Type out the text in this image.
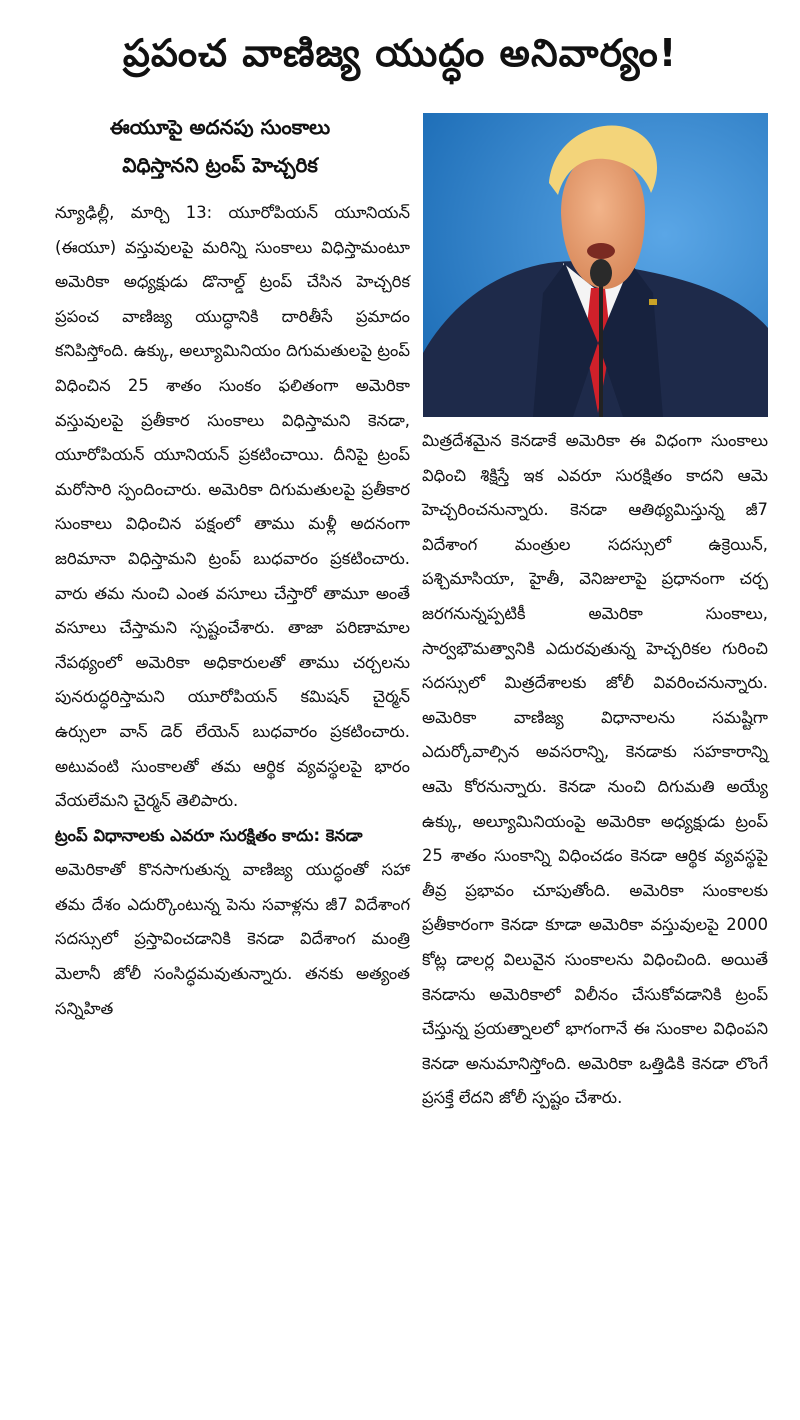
ప్రపంచ వాణిజ్య యుద్ధం అనివార్యం!
ఈయూపై అదనపు సుంకాలు
విధిస్తానని ట్రంప్ హెచ్చరిక

న్యూఢిల్లీ, మార్చి 13: యూరోపియన్ యూనియన్ (ఈయూ) వస్తువులపై మరిన్ని సుంకాలు విధిస్తామంటూ అమెరికా అధ్యక్షుడు డొనాల్డ్ ట్రంప్ చేసిన హెచ్చరిక ప్రపంచ వాణిజ్య యుద్ధానికి దారితీసే ప్రమాదం కనిపిస్తోంది. ఉక్కు, అల్యూమినియం దిగుమతులపై ట్రంప్ విధించిన 25 శాతం సుంకం ఫలితంగా అమెరికా వస్తువులపై ప్రతీకార సుంకాలు విధిస్తామని కెనడా, యూరోపియన్ యూనియన్ ప్రకటించాయి. దీనిపై ట్రంప్ మరోసారి స్పందించారు. అమెరికా దిగుమతులపై ప్రతీకార సుంకాలు విధించిన పక్షంలో తాము మళ్లీ అదనంగా జరిమానా విధిస్తామని ట్రంప్ బుధవారం ప్రకటించారు. వారు తమ నుంచి ఎంత వసూలు చేస్తారో తామూ అంతే వసూలు చేస్తామని స్పష్టంచేశారు. తాజా పరిణామాల నేపథ్యంలో అమెరికా అధికారులతో తాము చర్చలను పునరుద్ధరిస్తామని యూరోపియన్ కమిషన్ చైర్మన్ ఉర్సులా వాన్ డెర్ లేయెన్ బుధవారం ప్రకటించారు. అటువంటి సుంకాలతో తమ ఆర్థిక వ్యవస్థలపై భారం వేయలేమని చైర్మన్ తెలిపారు.

ట్రంప్ విధానాలకు ఎవరూ సురక్షితం కాదు: కెనడా

అమెరికాతో కొనసాగుతున్న వాణిజ్య యుద్ధంతో సహా తమ దేశం ఎదుర్కొంటున్న పెను సవాళ్లను జీ7 విదేశాంగ సదస్సులో ప్రస్తావించడానికి కెనడా విదేశాంగ మంత్రి మెలానీ జోలీ సంసిద్ధమవుతున్నారు. తనకు అత్యంత సన్నిహిత

మిత్రదేశమైన కెనడాకే అమెరికా ఈ విధంగా సుంకాలు విధించి శిక్షిస్తే ఇక ఎవరూ సురక్షితం కాదని ఆమె హెచ్చరించనున్నారు. కెనడా ఆతిథ్యమిస్తున్న జీ7 విదేశాంగ మంత్రుల సదస్సులో ఉక్రెయిన్, పశ్చిమాసియా, హైతీ, వెనిజులాపై ప్రధానంగా చర్చ జరగనున్నప్పటికీ అమెరికా సుంకాలు, సార్వభౌమత్వానికి ఎదురవుతున్న హెచ్చరికల గురించి సదస్సులో మిత్రదేశాలకు జోలీ వివరించనున్నారు. అమెరికా వాణిజ్య విధానాలను సమష్టిగా ఎదుర్కోవాల్సిన అవసరాన్ని, కెనడాకు సహకారాన్ని ఆమె కోరనున్నారు. కెనడా నుంచి దిగుమతి అయ్యే ఉక్కు, అల్యూమినియంపై అమెరికా అధ్యక్షుడు ట్రంప్ 25 శాతం సుంకాన్ని విధించడం కెనడా ఆర్థిక వ్యవస్థపై తీవ్ర ప్రభావం చూపుతోంది. అమెరికా సుంకాలకు ప్రతీకారంగా కెనడా కూడా అమెరికా వస్తువులపై 2000 కోట్ల డాలర్ల విలువైన సుంకాలను విధించింది. అయితే కెనడాను అమెరికాలో విలీనం చేసుకోవడానికి ట్రంప్ చేస్తున్న ప్రయత్నాలలో భాగంగానే ఈ సుంకాల విధింపని కెనడా అనుమానిస్తోంది. అమెరికా ఒత్తిడికి కెనడా లొంగే ప్రసక్తే లేదని జోలీ స్పష్టం చేశారు.
